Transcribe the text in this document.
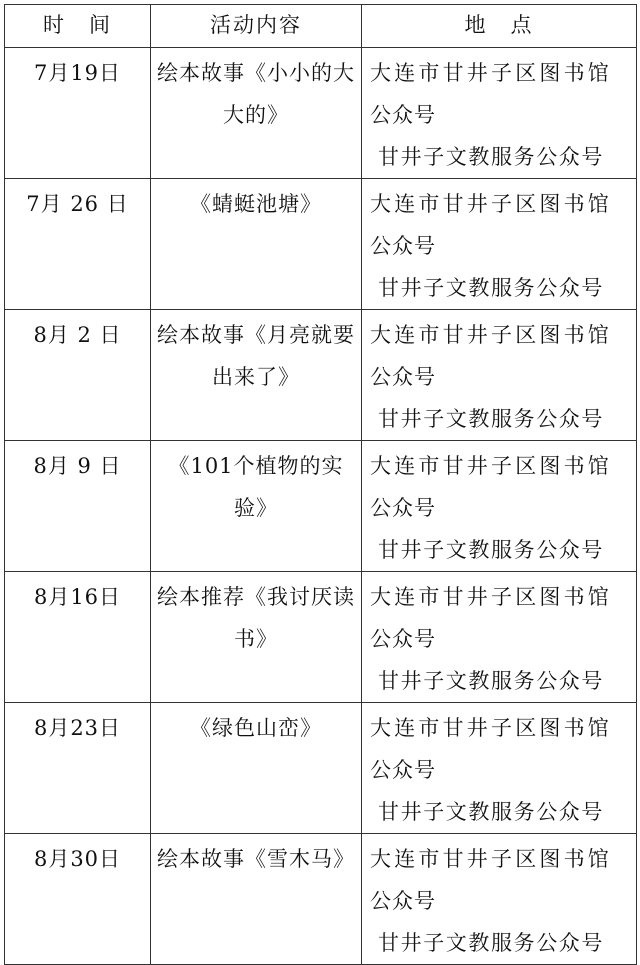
时　间	活动内容	地　点
7月19日	绘本故事《小小的大大的》	大连市甘井子区图书馆
公众号
甘井子文教服务公众号

7月 26 日	《蜻蜓池塘》	大连市甘井子区图书馆
公众号
甘井子文教服务公众号

8月 2 日	绘本故事《月亮就要出来了》	大连市甘井子区图书馆
公众号
甘井子文教服务公众号

8月 9 日	《101个植物的实验》	大连市甘井子区图书馆
公众号
甘井子文教服务公众号

8月16日	绘本推荐《我讨厌读书》	大连市甘井子区图书馆
公众号
甘井子文教服务公众号

8月23日	《绿色山峦》	大连市甘井子区图书馆
公众号
甘井子文教服务公众号

8月30日	绘本故事《雪木马》	大连市甘井子区图书馆
公众号
甘井子文教服务公众号
